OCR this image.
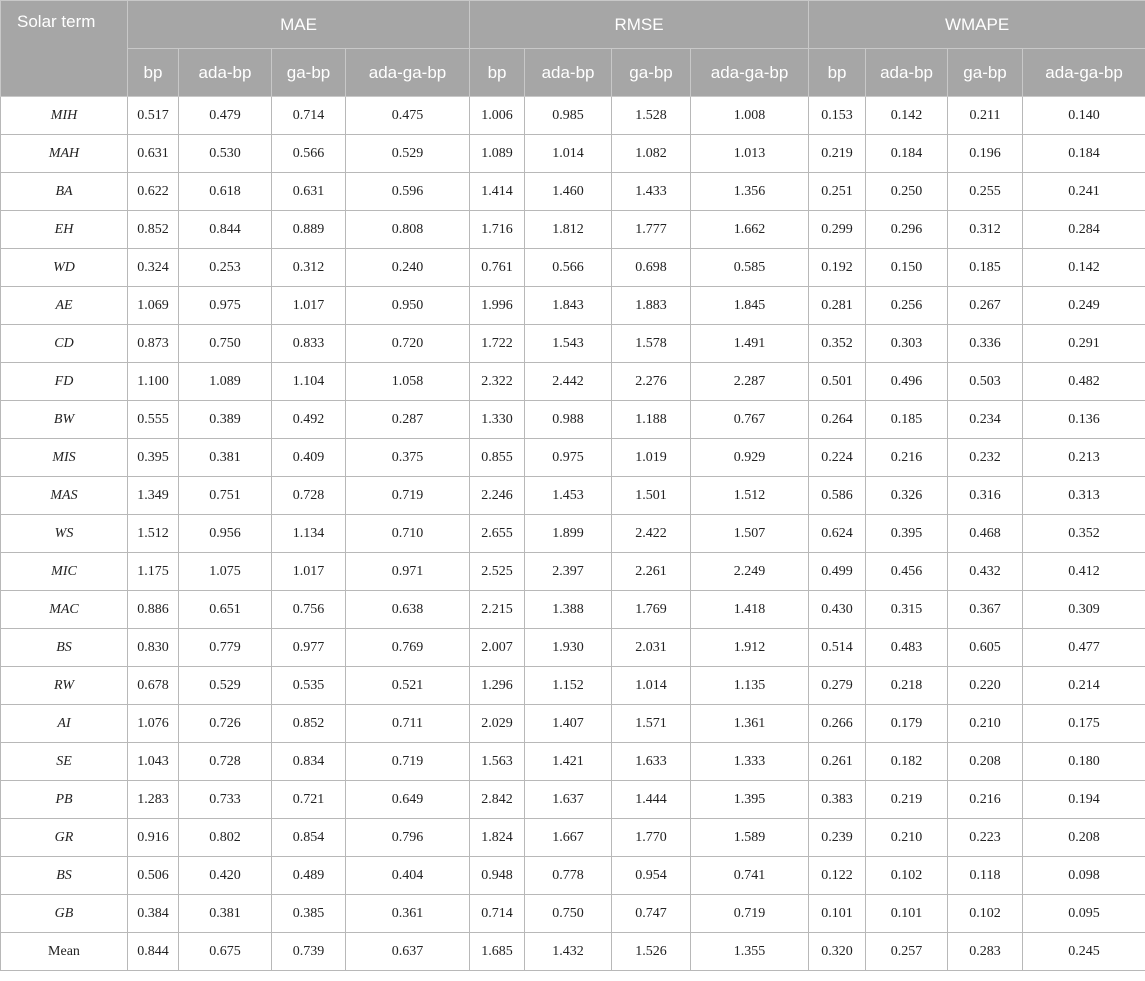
Solar term	MAE				RMSE				WMAPE			
	bp	ada-bp	ga-bp	ada-ga-bp	bp	ada-bp	ga-bp	ada-ga-bp	bp	ada-bp	ga-bp	ada-ga-bp
MIH	0.517	0.479	0.714	0.475	1.006	0.985	1.528	1.008	0.153	0.142	0.211	0.140
MAH	0.631	0.530	0.566	0.529	1.089	1.014	1.082	1.013	0.219	0.184	0.196	0.184
BA	0.622	0.618	0.631	0.596	1.414	1.460	1.433	1.356	0.251	0.250	0.255	0.241
EH	0.852	0.844	0.889	0.808	1.716	1.812	1.777	1.662	0.299	0.296	0.312	0.284
WD	0.324	0.253	0.312	0.240	0.761	0.566	0.698	0.585	0.192	0.150	0.185	0.142
AE	1.069	0.975	1.017	0.950	1.996	1.843	1.883	1.845	0.281	0.256	0.267	0.249
CD	0.873	0.750	0.833	0.720	1.722	1.543	1.578	1.491	0.352	0.303	0.336	0.291
FD	1.100	1.089	1.104	1.058	2.322	2.442	2.276	2.287	0.501	0.496	0.503	0.482
BW	0.555	0.389	0.492	0.287	1.330	0.988	1.188	0.767	0.264	0.185	0.234	0.136
MIS	0.395	0.381	0.409	0.375	0.855	0.975	1.019	0.929	0.224	0.216	0.232	0.213
MAS	1.349	0.751	0.728	0.719	2.246	1.453	1.501	1.512	0.586	0.326	0.316	0.313
WS	1.512	0.956	1.134	0.710	2.655	1.899	2.422	1.507	0.624	0.395	0.468	0.352
MIC	1.175	1.075	1.017	0.971	2.525	2.397	2.261	2.249	0.499	0.456	0.432	0.412
MAC	0.886	0.651	0.756	0.638	2.215	1.388	1.769	1.418	0.430	0.315	0.367	0.309
BS	0.830	0.779	0.977	0.769	2.007	1.930	2.031	1.912	0.514	0.483	0.605	0.477
RW	0.678	0.529	0.535	0.521	1.296	1.152	1.014	1.135	0.279	0.218	0.220	0.214
AI	1.076	0.726	0.852	0.711	2.029	1.407	1.571	1.361	0.266	0.179	0.210	0.175
SE	1.043	0.728	0.834	0.719	1.563	1.421	1.633	1.333	0.261	0.182	0.208	0.180
PB	1.283	0.733	0.721	0.649	2.842	1.637	1.444	1.395	0.383	0.219	0.216	0.194
GR	0.916	0.802	0.854	0.796	1.824	1.667	1.770	1.589	0.239	0.210	0.223	0.208
BS	0.506	0.420	0.489	0.404	0.948	0.778	0.954	0.741	0.122	0.102	0.118	0.098
GB	0.384	0.381	0.385	0.361	0.714	0.750	0.747	0.719	0.101	0.101	0.102	0.095
Mean	0.844	0.675	0.739	0.637	1.685	1.432	1.526	1.355	0.320	0.257	0.283	0.245
